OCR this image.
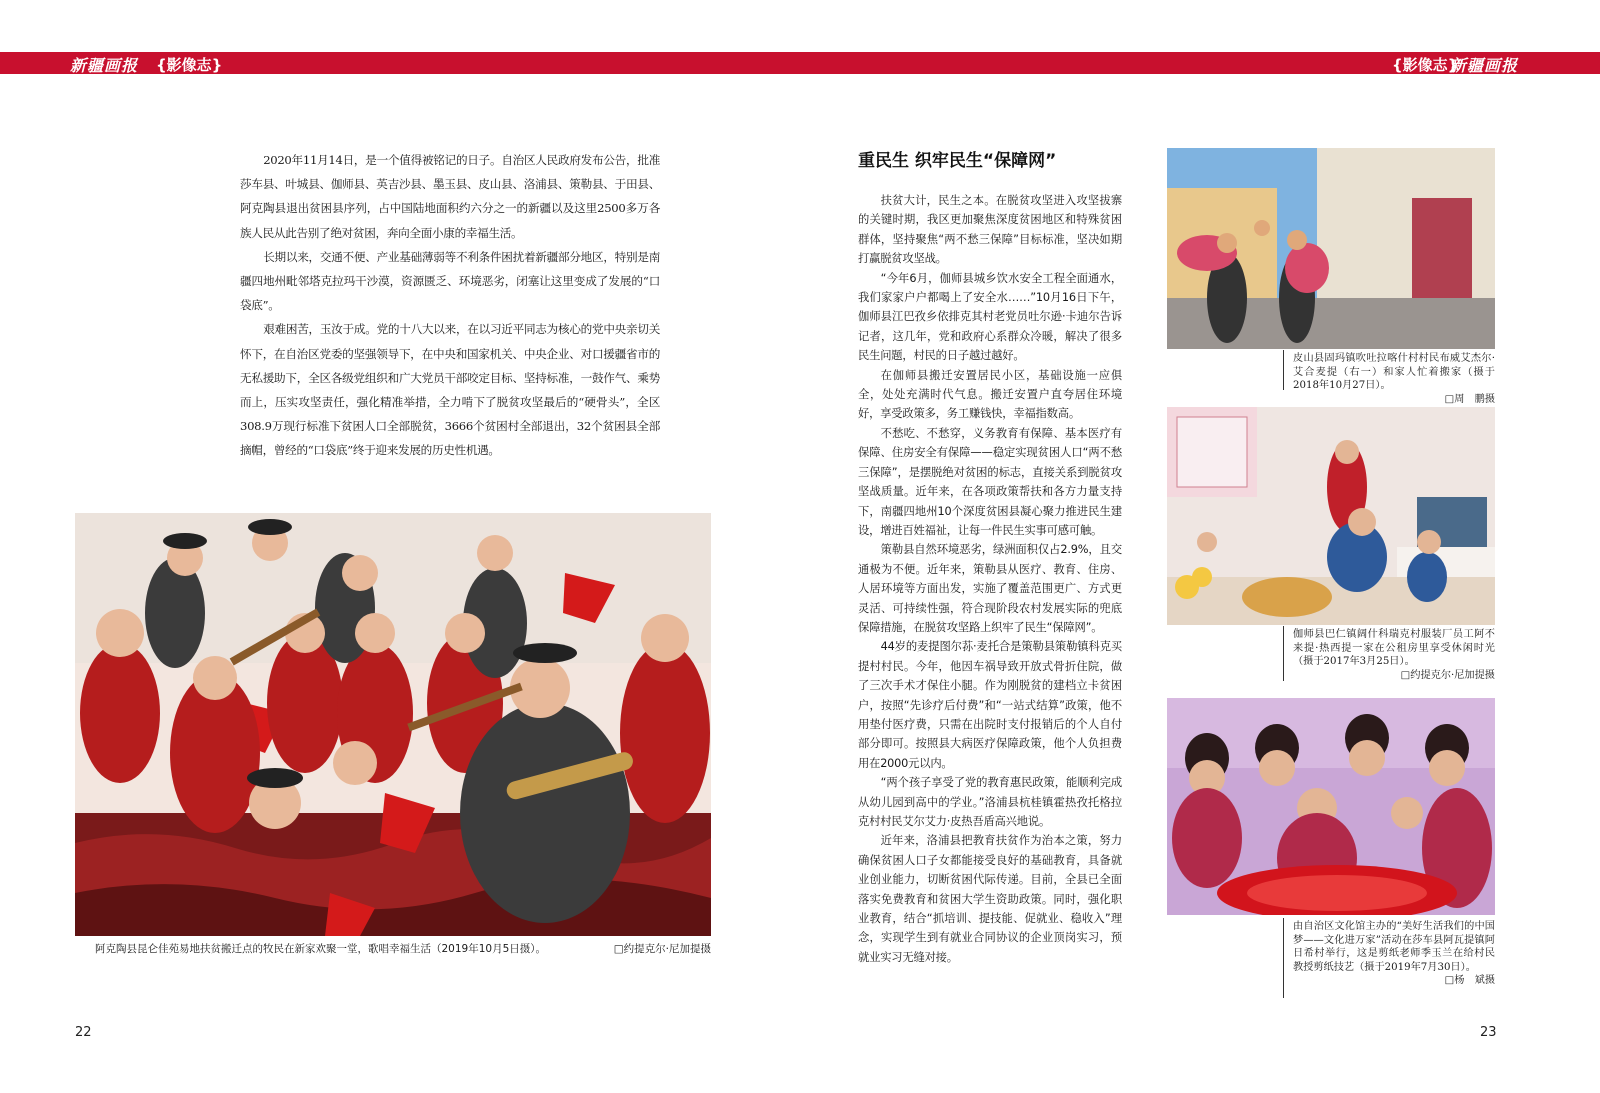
新疆画报 {影像志}	{影像志}
新疆画报

2020年11月14日，是一个值得被铭记的日子。自治区人民政府发布公告，批准莎车县、叶城县、伽师县、英吉沙县、墨玉县、皮山县、洛浦县、策勒县、于田县、阿克陶县退出贫困县序列，占中国陆地面积约六分之一的新疆以及这里2500多万各族人民从此告别了绝对贫困，奔向全面小康的幸福生活。

长期以来，交通不便、产业基础薄弱等不利条件困扰着新疆部分地区，特别是南疆四地州毗邻塔克拉玛干沙漠，资源匮乏、环境恶劣，闭塞让这里变成了发展的“口袋底”。

艰难困苦，玉汝于成。党的十八大以来，在以习近平同志为核心的党中央亲切关怀下，在自治区党委的坚强领导下，在中央和国家机关、中央企业、对口援疆省市的无私援助下，全区各级党组织和广大党员干部咬定目标、坚持标准，一鼓作气、乘势而上，压实攻坚责任，强化精准举措，全力啃下了脱贫攻坚最后的“硬骨头”，全区308.9万现行标准下贫困人口全部脱贫，3666个贫困村全部退出，32个贫困县全部摘帽，曾经的“口袋底”终于迎来发展的历史性机遇。

阿克陶县昆仑佳苑易地扶贫搬迁点的牧民在新家欢聚一堂，歌唱幸福生活（2019年10月5日摄）。	□约提克尔·尼加提摄
重民生 织牢民生“保障网”

扶贫大计，民生之本。在脱贫攻坚进入攻坚拔寨的关键时期，我区更加聚焦深度贫困地区和特殊贫困群体，坚持聚焦“两不愁三保障”目标标准，坚决如期打赢脱贫攻坚战。

“今年6月，伽师县城乡饮水安全工程全面通水，我们家家户户都喝上了安全水……”10月16日下午，伽师县江巴孜乡依排克其村老党员吐尔逊·卡迪尔告诉记者，这几年，党和政府心系群众冷暖，解决了很多民生问题，村民的日子越过越好。

在伽师县搬迁安置居民小区，基础设施一应俱全，处处充满时代气息。搬迁安置户直夸居住环境好，享受政策多，务工赚钱快，幸福指数高。

不愁吃、不愁穿，义务教育有保障、基本医疗有保障、住房安全有保障——稳定实现贫困人口“两不愁三保障”，是摆脱绝对贫困的标志，直接关系到脱贫攻坚战质量。近年来，在各项政策帮扶和各方力量支持下，南疆四地州10个深度贫困县凝心聚力推进民生建设，增进百姓福祉，让每一件民生实事可感可触。

策勒县自然环境恶劣，绿洲面积仅占2.9%，且交通极为不便。近年来，策勒县从医疗、教育、住房、人居环境等方面出发，实施了覆盖范围更广、方式更灵活、可持续性强，符合现阶段农村发展实际的兜底保障措施，在脱贫攻坚路上织牢了民生“保障网”。

44岁的麦提图尔荪·麦托合是策勒县策勒镇科克买提村村民。今年，他因车祸导致开放式骨折住院，做了三次手术才保住小腿。作为刚脱贫的建档立卡贫困户，按照“先诊疗后付费”和“一站式结算”政策，他不用垫付医疗费，只需在出院时支付报销后的个人自付部分即可。按照县大病医疗保障政策，他个人负担费用在2000元以内。

“两个孩子享受了党的教育惠民政策，能顺利完成从幼儿园到高中的学业。”洛浦县杭桂镇霍热孜托格拉克村村民艾尔艾力·皮热吾盾高兴地说。

近年来，洛浦县把教育扶贫作为治本之策，努力确保贫困人口子女都能接受良好的基础教育，具备就业创业能力，切断贫困代际传递。目前，全县已全面落实免费教育和贫困大学生资助政策。同时，强化职业教育，结合“抓培训、提技能、促就业、稳收入”理念，实现学生到有就业合同协议的企业顶岗实习，预就业实习无缝对接。

皮山县固玛镇吹吐拉喀什村村民布威艾杰尔·艾合麦提（右一）和家人忙着搬家（摄于2018年10月27日）。
□周　鹏摄
伽师县巴仁镇阔什科瑞克村服装厂员工阿不来提·热西提一家在公租房里享受休闲时光（摄于2017年3月25日）。
□约提克尔·尼加提摄
由自治区文化馆主办的“美好生活我们的中国梦——文化进万家”活动在莎车县阿瓦提镇阿日希村举行，这是剪纸老师季玉兰在给村民教授剪纸技艺（摄于2019年7月30日）。
□杨　斌摄
22	23
